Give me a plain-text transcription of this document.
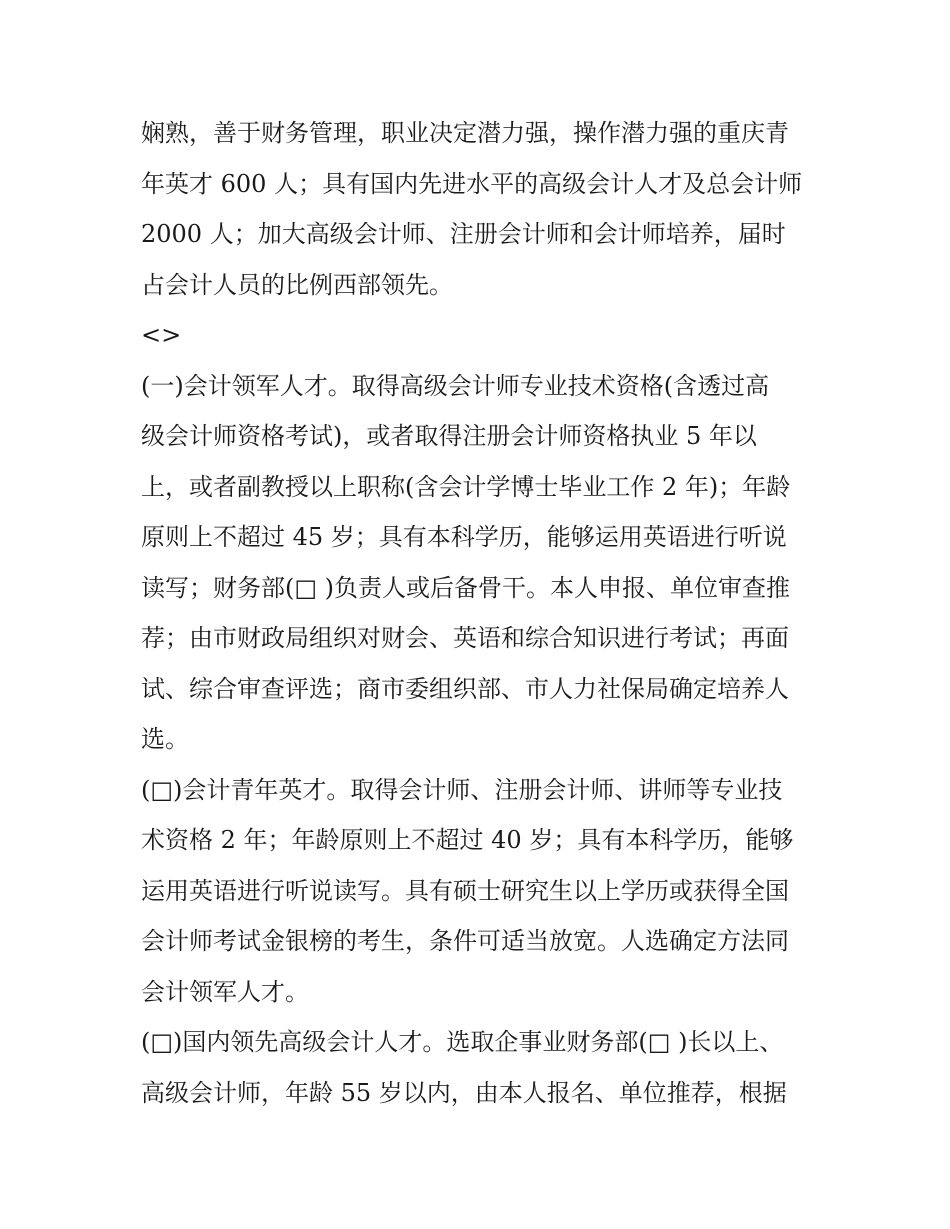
娴熟，善于财务管理，职业决定潜力强，操作潜力强的重庆青
年英才 600 人；具有国内先进水平的高级会计人才及总会计师
2000 人；加大高级会计师、注册会计师和会计师培养，届时
占会计人员的比例西部领先。
<>
(一)会计领军人才。取得高级会计师专业技术资格(含透过高
级会计师资格考试)，或者取得注册会计师资格执业 5 年以
上，或者副教授以上职称(含会计学博士毕业工作 2 年)；年龄
原则上不超过 45 岁；具有本科学历，能够运用英语进行听说
读写；财务部(□ )负责人或后备骨干。本人申报、单位审查推
荐；由市财政局组织对财会、英语和综合知识进行考试；再面
试、综合审查评选；商市委组织部、市人力社保局确定培养人
选。
(□)会计青年英才。取得会计师、注册会计师、讲师等专业技
术资格 2 年；年龄原则上不超过 40 岁；具有本科学历，能够
运用英语进行听说读写。具有硕士研究生以上学历或获得全国
会计师考试金银榜的考生，条件可适当放宽。人选确定方法同
会计领军人才。
(□)国内领先高级会计人才。选取企事业财务部(□ )长以上、
高级会计师，年龄 55 岁以内，由本人报名、单位推荐，根据
